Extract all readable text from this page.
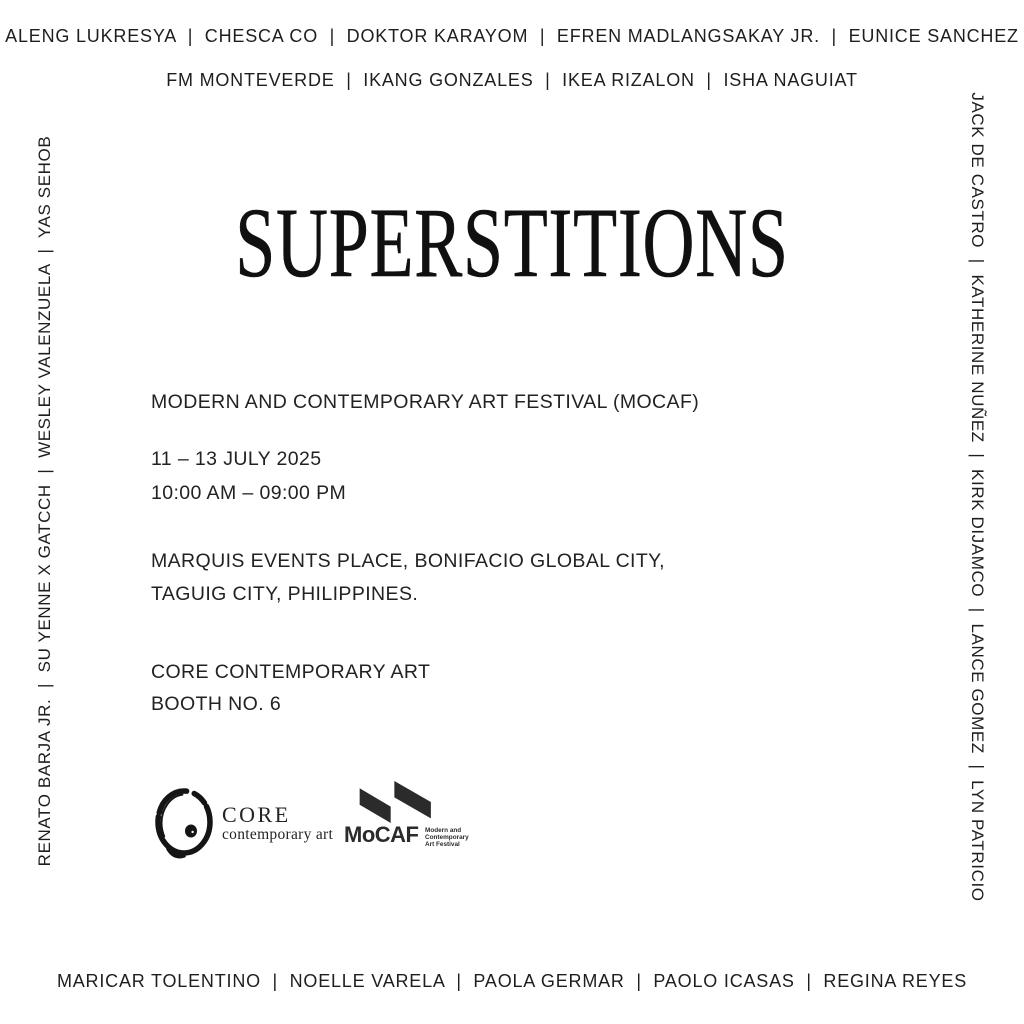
ALENG LUKRESYA  |  CHESCA CO  |  DOKTOR KARAYOM  |  EFREN MADLANGSAKAY JR.  |  EUNICE SANCHEZ
FM MONTEVERDE  |  IKANG GONZALES  |  IKEA RIZALON  |  ISHA NAGUIAT
RENATO BARJA JR.  |  SU YENNE X GATCCH  |  WESLEY VALENZUELA  |  YAS SEHOB	JACK DE CASTRO  |  KATHERINE NUÑEZ  |  KIRK DIJAMCO  |  LANCE GOMEZ  |  LYN PATRICIO
MARICAR TOLENTINO  |  NOELLE VARELA  |  PAOLA GERMAR  |  PAOLO ICASAS  |  REGINA REYES
SUPERSTITIONS
MODERN AND CONTEMPORARY ART FESTIVAL (MOCAF)
11 – 13 JULY 2025
10:00 AM – 09:00 PM
MARQUIS EVENTS PLACE, BONIFACIO GLOBAL CITY,
TAGUIG CITY, PHILIPPINES.
CORE CONTEMPORARY ART
BOOTH NO. 6
CORE
contemporary art MoCAF Modern and
Contemporary
Art Festival
